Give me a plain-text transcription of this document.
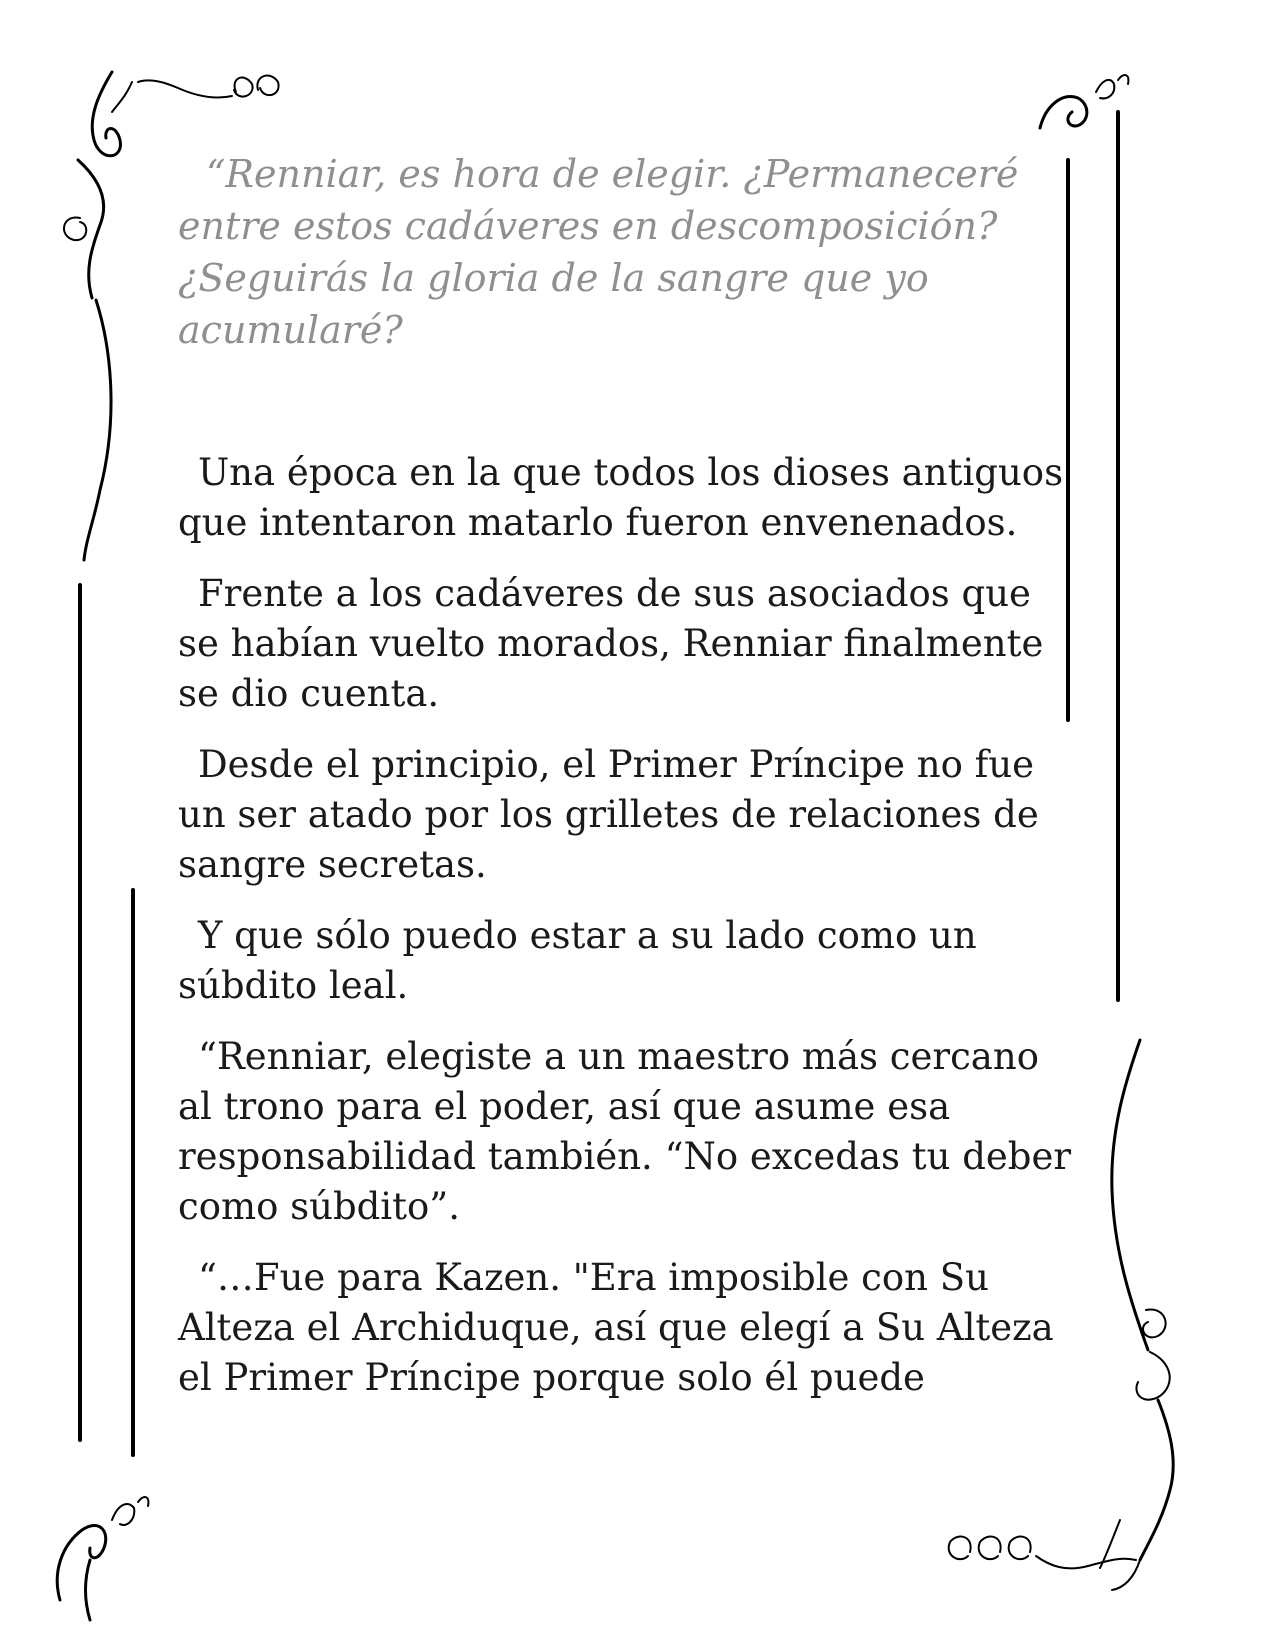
“Renniar, es hora de elegir. ¿Permaneceré entre estos cadáveres en descomposición? ¿Seguirás la gloria de la sangre que yo acumularé?

Una época en la que todos los dioses antiguos que intentaron matarlo fueron envenenados.

Frente a los cadáveres de sus asociados que se habían vuelto morados, Renniar finalmente se dio cuenta.

Desde el principio, el Primer Príncipe no fue un ser atado por los grilletes de relaciones de sangre secretas.

Y que sólo puedo estar a su lado como un súbdito leal.

“Renniar, elegiste a un maestro más cercano al trono para el poder, así que asume esa responsabilidad también. “No excedas tu deber como súbdito”.

“…Fue para Kazen. "Era imposible con Su Alteza el Archiduque, así que elegí a Su Alteza el Primer Príncipe porque solo él puede
